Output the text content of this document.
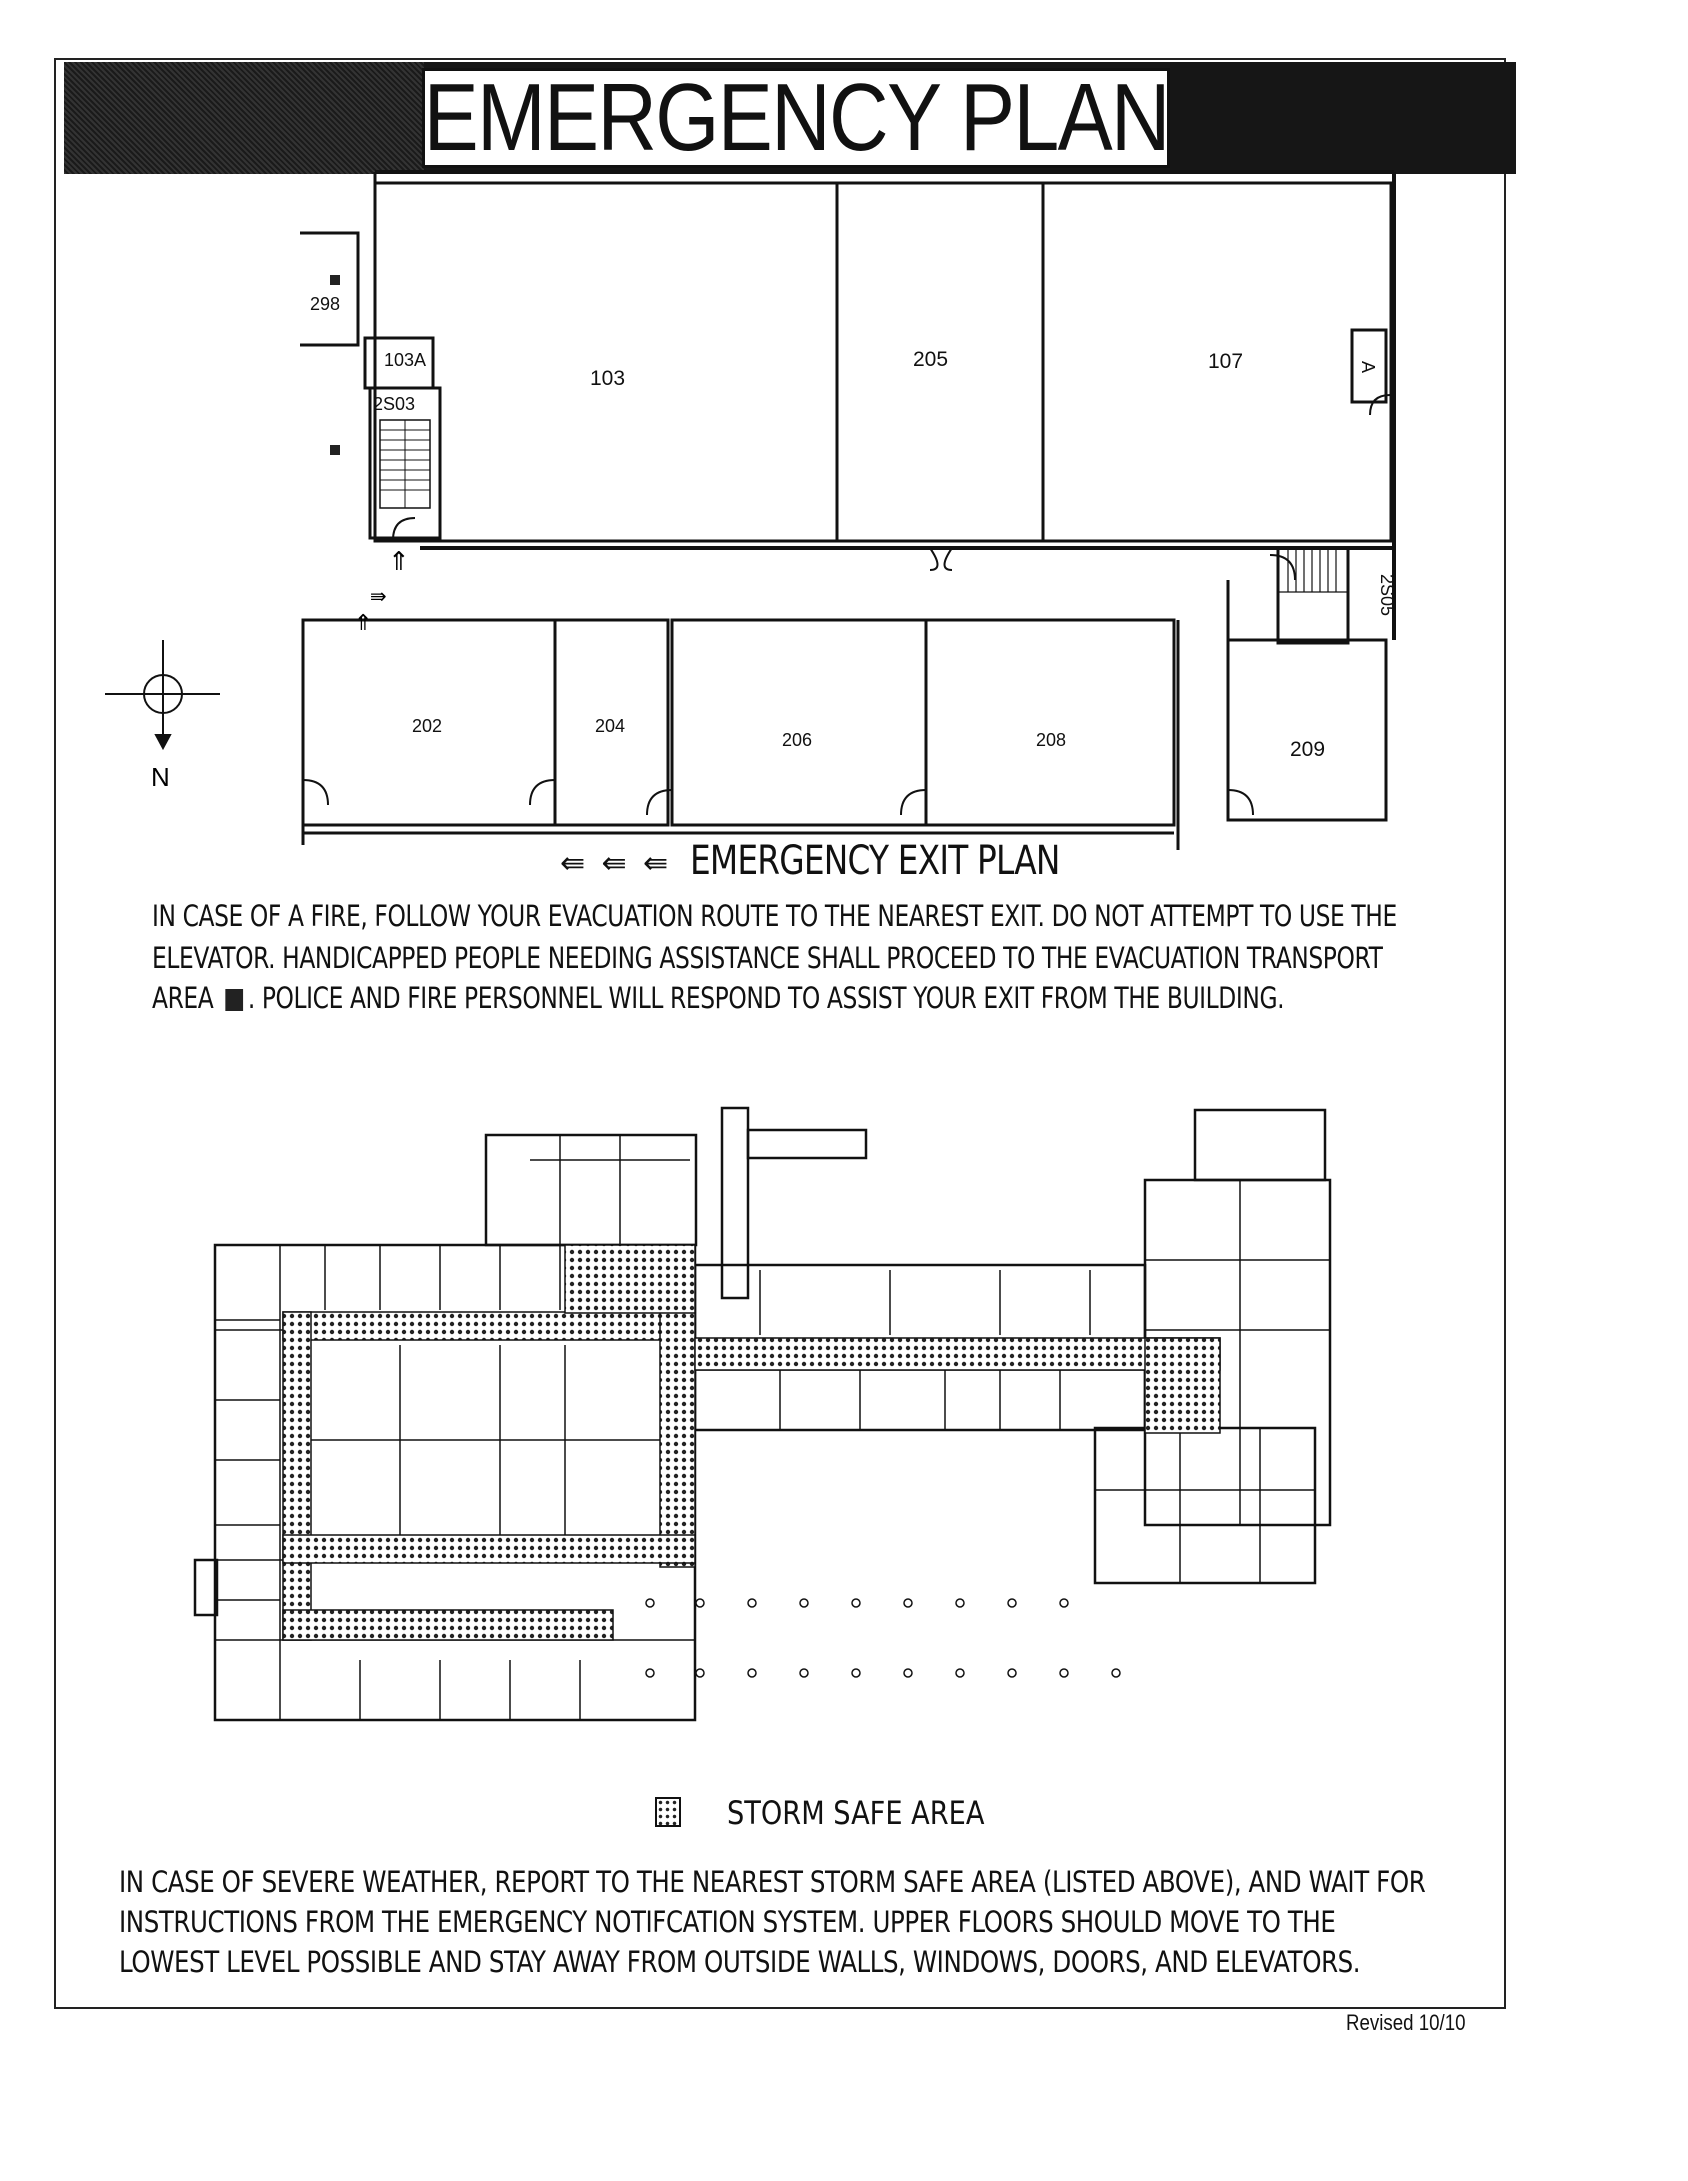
EMERGENCY PLAN
N
⇑
⇛
⇑
298
103A
2S03
103
205	107	A
2S05
202	204
206	208	209
⇚ ⇚ ⇚ EMERGENCY EXIT PLAN
IN CASE OF A FIRE, FOLLOW YOUR EVACUATION ROUTE TO THE NEAREST EXIT. DO NOT ATTEMPT TO USE THE
ELEVATOR. HANDICAPPED PEOPLE NEEDING ASSISTANCE SHALL PROCEED TO THE EVACUATION TRANSPORT
AREA . POLICE AND FIRE PERSONNEL WILL RESPOND TO ASSIST YOUR EXIT FROM THE BUILDING.
STORM SAFE AREA
IN CASE OF SEVERE WEATHER, REPORT TO THE NEAREST STORM SAFE AREA (LISTED ABOVE), AND WAIT FOR
INSTRUCTIONS FROM THE EMERGENCY NOTIFCATION SYSTEM. UPPER FLOORS SHOULD MOVE TO THE
LOWEST LEVEL POSSIBLE AND STAY AWAY FROM OUTSIDE WALLS, WINDOWS, DOORS, AND ELEVATORS.
Revised 10/10
